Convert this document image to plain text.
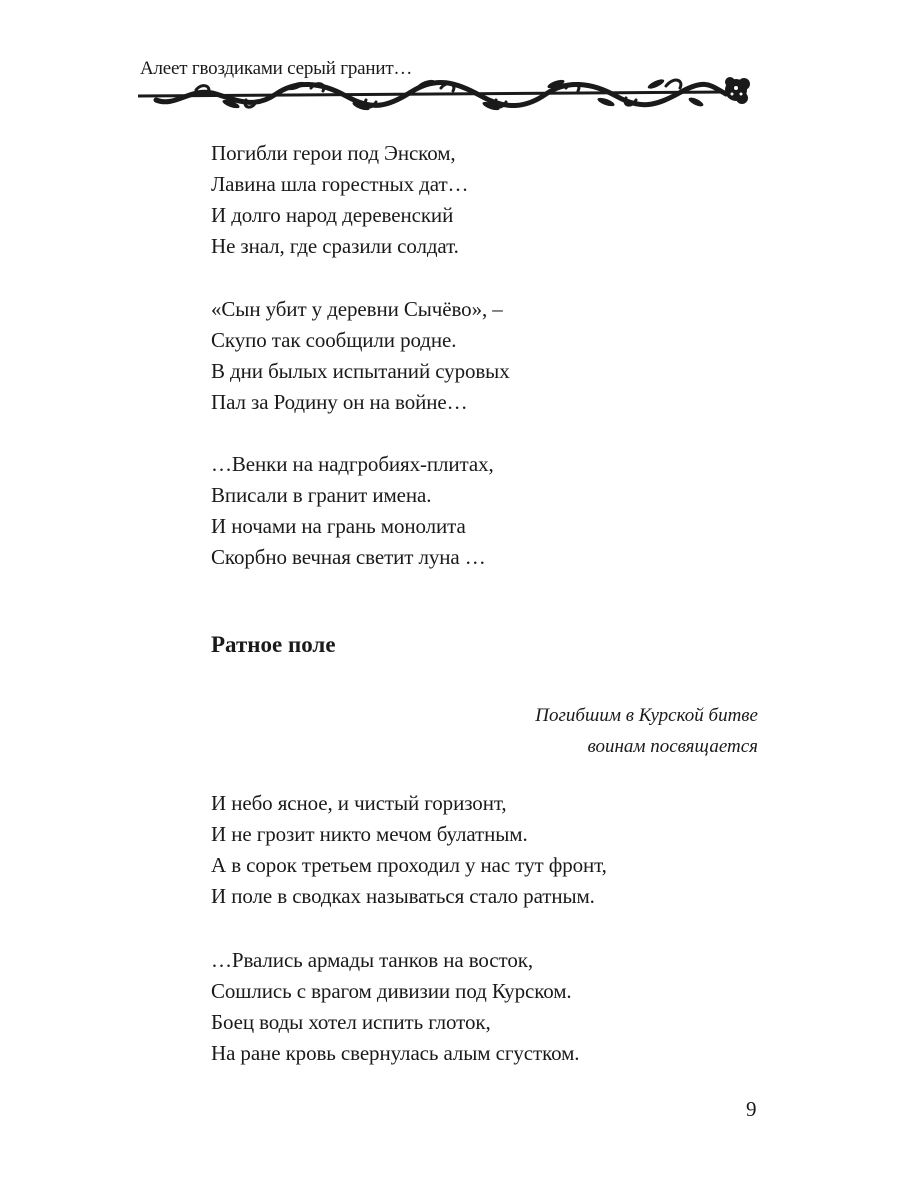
Алеет гвоздиками серый гранит…
Погибли герои под Энском,
Лавина шла горестных дат…
И долго народ деревенский
Не знал, где сразили солдат.
«Сын убит у деревни Сычёво», –
Скупо так сообщили родне.
В дни былых испытаний суровых
Пал за Родину он на войне…
…Венки на надгробиях-плитах,
Вписали в гранит имена.
И ночами на грань монолита
Скорбно вечная светит луна …
Ратное поле
Погибшим в Курской битве
воинам посвящается
И небо ясное, и чистый горизонт,
И не грозит никто мечом булатным.
А в сорок третьем проходил у нас тут фронт,
И поле в сводках называться стало ратным.
…Рвались армады танков на восток,
Сошлись с врагом дивизии под Курском.
Боец воды хотел испить глоток,
На ране кровь свернулась алым сгустком.
9
